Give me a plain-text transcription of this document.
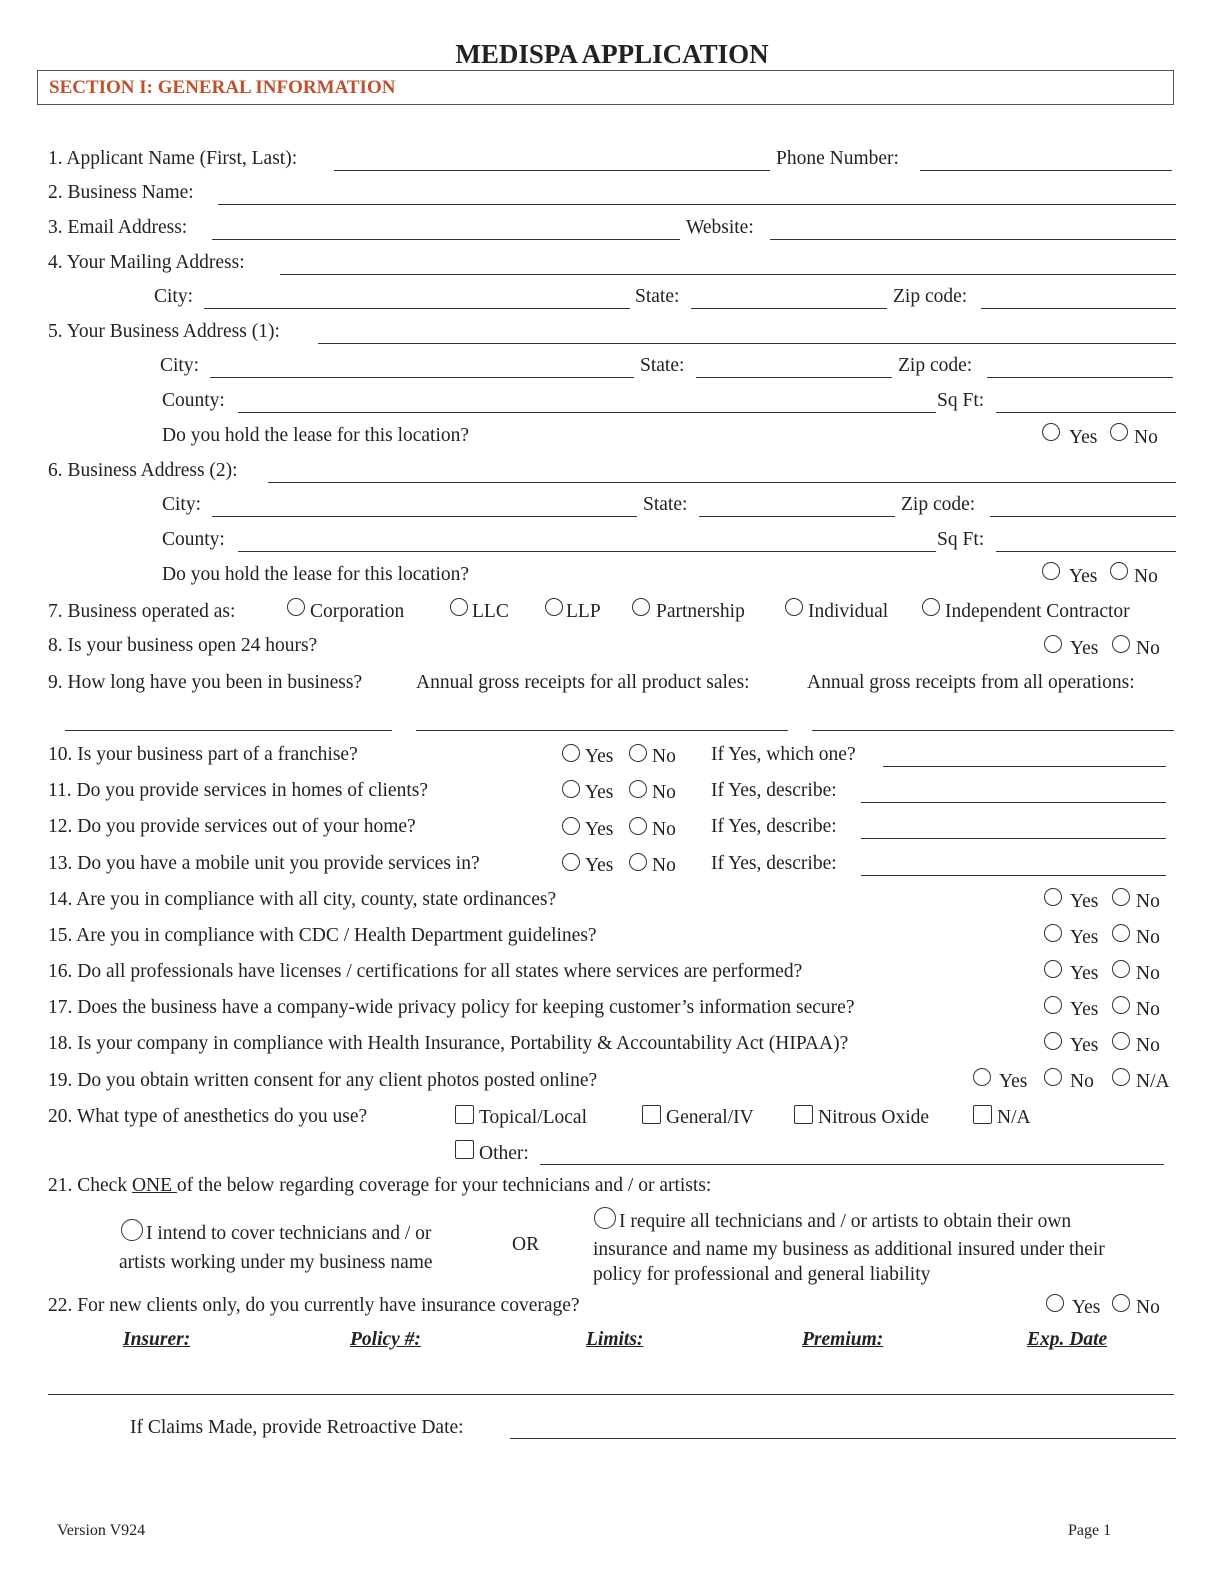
MEDISPA APPLICATION
SECTION I: GENERAL INFORMATION
1. Applicant Name (First, Last):	Phone Number:
2. Business Name:
3. Email Address:	Website:
4. Your Mailing Address:
City:	State:	Zip code:
5. Your Business Address (1):
City:	State:	Zip code:
County:	Sq Ft:
Do you hold the lease for this location?	Yes No
6. Business Address (2):
City:	State:	Zip code:
County:	Sq Ft:
Do you hold the lease for this location?	Yes No
7. Business operated as:	Corporation	LLC	LLP	Partnership	Individual	Independent Contractor
8. Is your business open 24 hours?	Yes No
9. How long have you been in business?	Annual gross receipts for all product sales:	Annual gross receipts from all operations:
10. Is your business part of a franchise?	Yes No If Yes, which one?
11. Do you provide services in homes of clients?	Yes No If Yes, describe:
12. Do you provide services out of your home?	Yes No If Yes, describe:
13. Do you have a mobile unit you provide services in?	Yes No If Yes, describe:
14. Are you in compliance with all city, county, state ordinances?	Yes No
15. Are you in compliance with CDC / Health Department guidelines?	Yes No
16. Do all professionals have licenses / certifications for all states where services are performed?	Yes No
17. Does the business have a company-wide privacy policy for keeping customer’s information secure?	Yes No
18. Is your company in compliance with Health Insurance, Portability & Accountability Act (HIPAA)?	Yes No
19. Do you obtain written consent for any client photos posted online?	Yes No N/A
20. What type of anesthetics do you use?	Topical/Local	General/IV	Nitrous Oxide	N/A
Other:
21. Check ONE of the below regarding coverage for your technicians and / or artists:
I intend to cover technicians and / or
artists working under my business name
OR
I require all technicians and / or artists to obtain their own
insurance and name my business as additional insured under their
policy for professional and general liability
22. For new clients only, do you currently have insurance coverage?	Yes No
Insurer:	Policy #:	Limits:	Premium:	Exp. Date
If Claims Made, provide Retroactive Date:
Version V924	Page 1
